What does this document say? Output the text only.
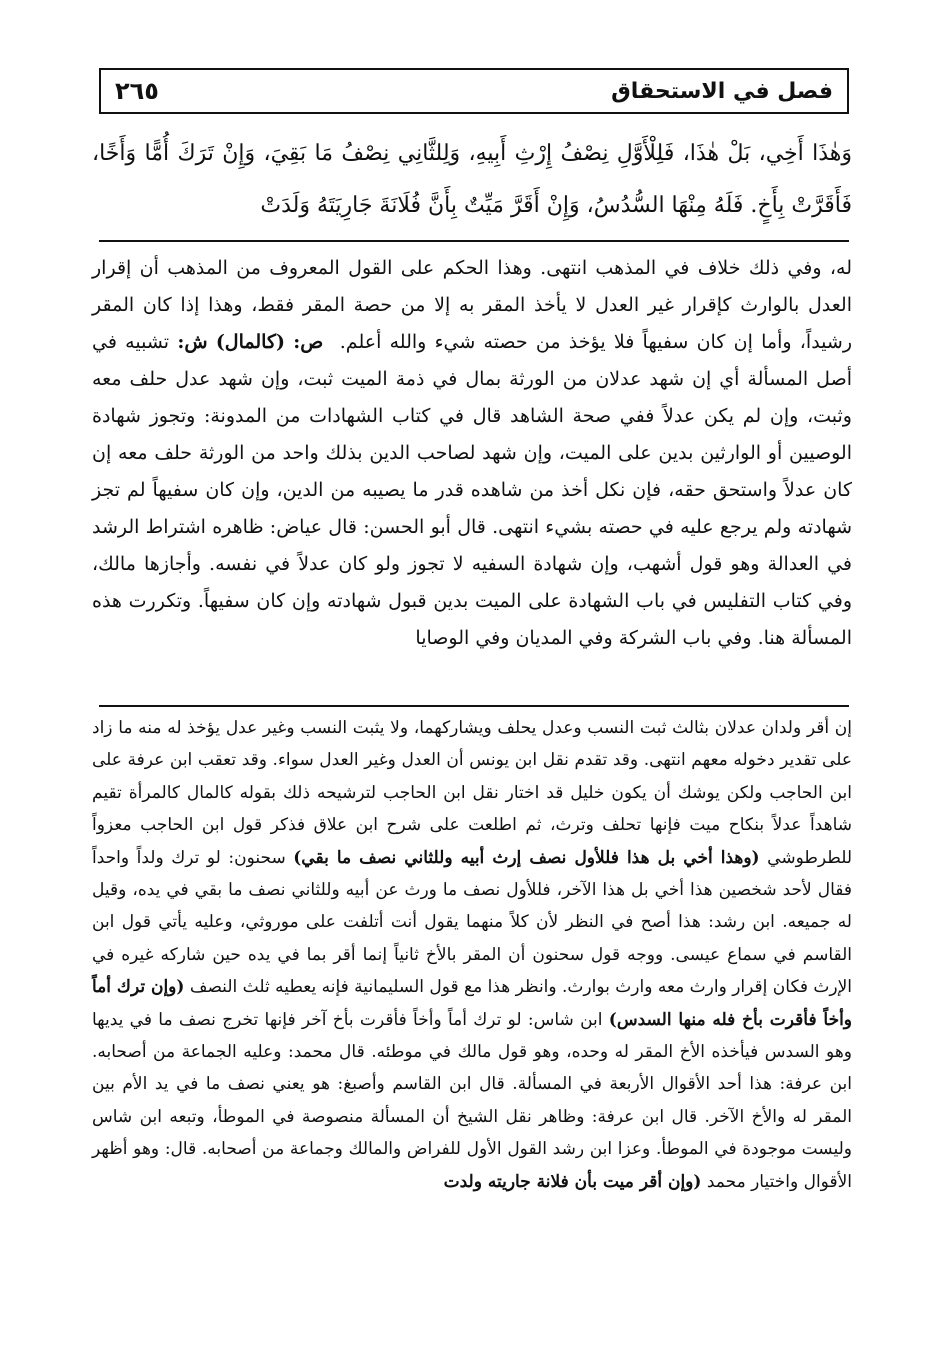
فصل في الاستحقاق
٢٦٥
وَهٰذَا أَخِي، بَلْ هٰذَا، فَلِلْأَوَّلِ نِصْفُ إِرْثِ أَبِيهِ، وَلِلثَّانِي نِصْفُ مَا بَقِيَ، وَإِنْ تَرَكَ أُمًّا وَأَخًا، فَأَقَرَّتْ بِأَخٍ. فَلَهُ مِنْهَا السُّدُسُ، وَإِنْ أَقَرَّ مَيِّتٌ بِأَنَّ فُلَانَةَ جَارِيَتَهُ وَلَدَتْ
له، وفي ذلك خلاف في المذهب انتهى. وهذا الحكم على القول المعروف من المذهب أن إقرار العدل بالوارث كإقرار غير العدل لا يأخذ المقر به إلا من حصة المقر فقط، وهذا إذا كان المقر رشيداً، وأما إن كان سفيهاً فلا يؤخذ من حصته شيء والله أعلم.  ص: (كالمال) ش: تشبيه في أصل المسألة أي إن شهد عدلان من الورثة بمال في ذمة الميت ثبت، وإن شهد عدل حلف معه وثبت، وإن لم يكن عدلاً ففي صحة الشاهد قال في كتاب الشهادات من المدونة: وتجوز شهادة الوصيين أو الوارثين بدين على الميت، وإن شهد لصاحب الدين بذلك واحد من الورثة حلف معه إن كان عدلاً واستحق حقه، فإن نكل أخذ من شاهده قدر ما يصيبه من الدين، وإن كان سفيهاً لم تجز شهادته ولم يرجع عليه في حصته بشيء انتهى. قال أبو الحسن: قال عياض: ظاهره اشتراط الرشد في العدالة وهو قول أشهب، وإن شهادة السفيه لا تجوز ولو كان عدلاً في نفسه. وأجازها مالك، وفي كتاب التفليس في باب الشهادة على الميت بدين قبول شهادته وإن كان سفيهاً. وتكررت هذه المسألة هنا. وفي باب الشركة وفي المديان وفي الوصايا
إن أقر ولدان عدلان بثالث ثبت النسب وعدل يحلف ويشاركهما، ولا يثبت النسب وغير عدل يؤخذ له منه ما زاد على تقدير دخوله معهم انتهى. وقد تقدم نقل ابن يونس أن العدل وغير العدل سواء. وقد تعقب ابن عرفة على ابن الحاجب ولكن يوشك أن يكون خليل قد اختار نقل ابن الحاجب لترشيحه ذلك بقوله كالمال كالمرأة تقيم شاهداً عدلاً بنكاح ميت فإنها تحلف وترث، ثم اطلعت على شرح ابن علاق فذكر قول ابن الحاجب معزواً للطرطوشي (وهذا أخي بل هذا فللأول نصف إرث أبيه وللثاني نصف ما بقي) سحنون: لو ترك ولداً واحداً فقال لأحد شخصين هذا أخي بل هذا الآخر، فللأول نصف ما ورث عن أبيه وللثاني نصف ما بقي في يده، وقيل له جميعه. ابن رشد: هذا أصح في النظر لأن كلاً منهما يقول أنت أتلفت على موروثي، وعليه يأتي قول ابن القاسم في سماع عيسى. ووجه قول سحنون أن المقر بالأخ ثانياً إنما أقر بما في يده حين شاركه غيره في الإرث فكان إقرار وارث معه وارث بوارث. وانظر هذا مع قول السليمانية فإنه يعطيه ثلث النصف (وإن ترك أماً وأخاً فأقرت بأخ فله منها السدس) ابن شاس: لو ترك أماً وأخاً فأقرت بأخ آخر فإنها تخرج نصف ما في يديها وهو السدس فيأخذه الأخ المقر له وحده، وهو قول مالك في موطئه. قال محمد: وعليه الجماعة من أصحابه. ابن عرفة: هذا أحد الأقوال الأربعة في المسألة. قال ابن القاسم وأصبغ: هو يعني نصف ما في يد الأم بين المقر له والأخ الآخر. قال ابن عرفة: وظاهر نقل الشيخ أن المسألة منصوصة في الموطأ، وتبعه ابن شاس وليست موجودة في الموطأ. وعزا ابن رشد القول الأول للفراض والمالك وجماعة من أصحابه. قال: وهو أظهر الأقوال واختيار محمد (وإن أقر ميت بأن فلانة جاريته ولدت
